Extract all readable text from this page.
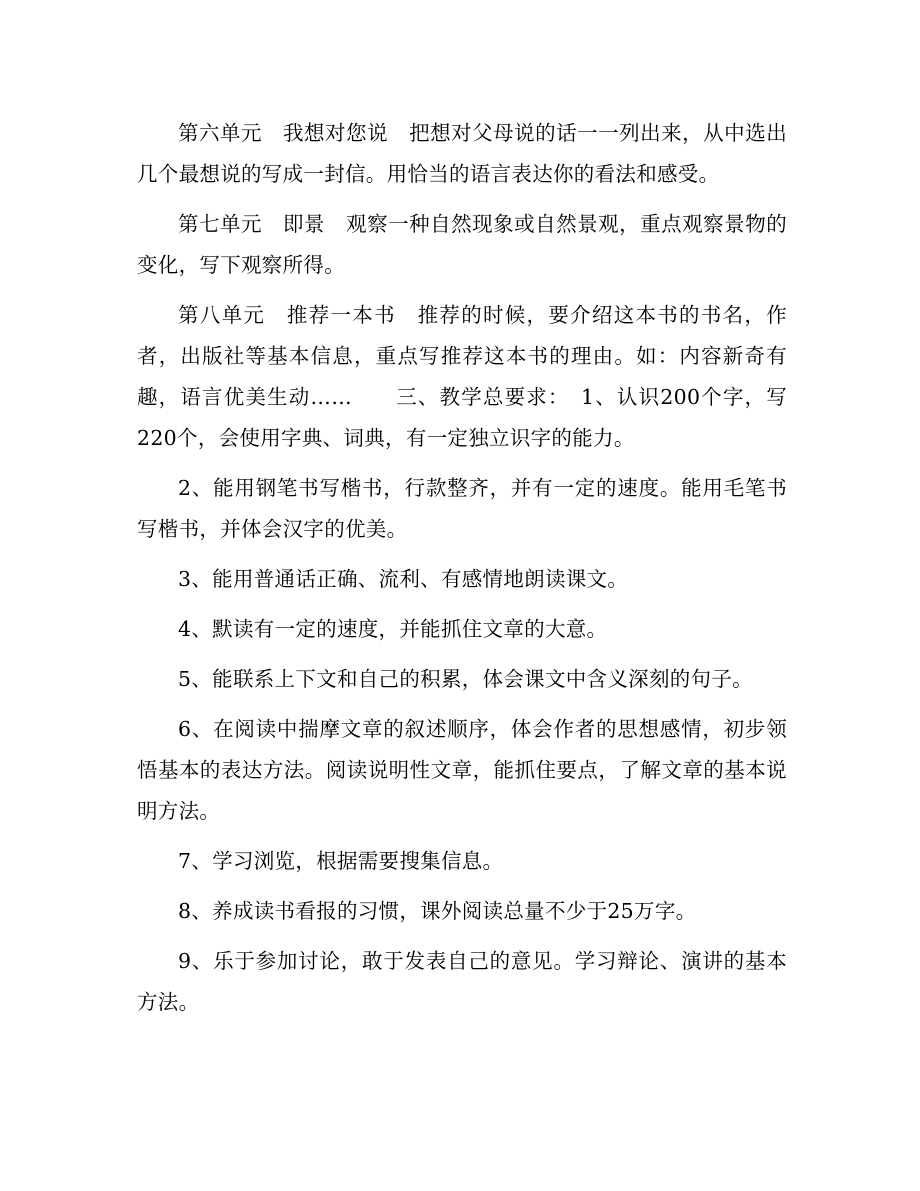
第六单元　我想对您说　把想对父母说的话一一列出来，从中选出几个最想说的写成一封信。用恰当的语言表达你的看法和感受。

第七单元　即景　观察一种自然现象或自然景观，重点观察景物的变化，写下观察所得。

第八单元　推荐一本书　推荐的时候，要介绍这本书的书名，作者，出版社等基本信息，重点写推荐这本书的理由。如：内容新奇有趣，语言优美生动……　　三、教学总要求：　1、认识200个字，写220个，会使用字典、词典，有一定独立识字的能力。

2、能用钢笔书写楷书，行款整齐，并有一定的速度。能用毛笔书写楷书，并体会汉字的优美。

3、能用普通话正确、流利、有感情地朗读课文。

4、默读有一定的速度，并能抓住文章的大意。

5、能联系上下文和自己的积累，体会课文中含义深刻的句子。

6、在阅读中揣摩文章的叙述顺序，体会作者的思想感情，初步领悟基本的表达方法。阅读说明性文章，能抓住要点，了解文章的基本说明方法。

7、学习浏览，根据需要搜集信息。

8、养成读书看报的习惯，课外阅读总量不少于25万字。

9、乐于参加讨论，敢于发表自己的意见。学习辩论、演讲的基本方法。
